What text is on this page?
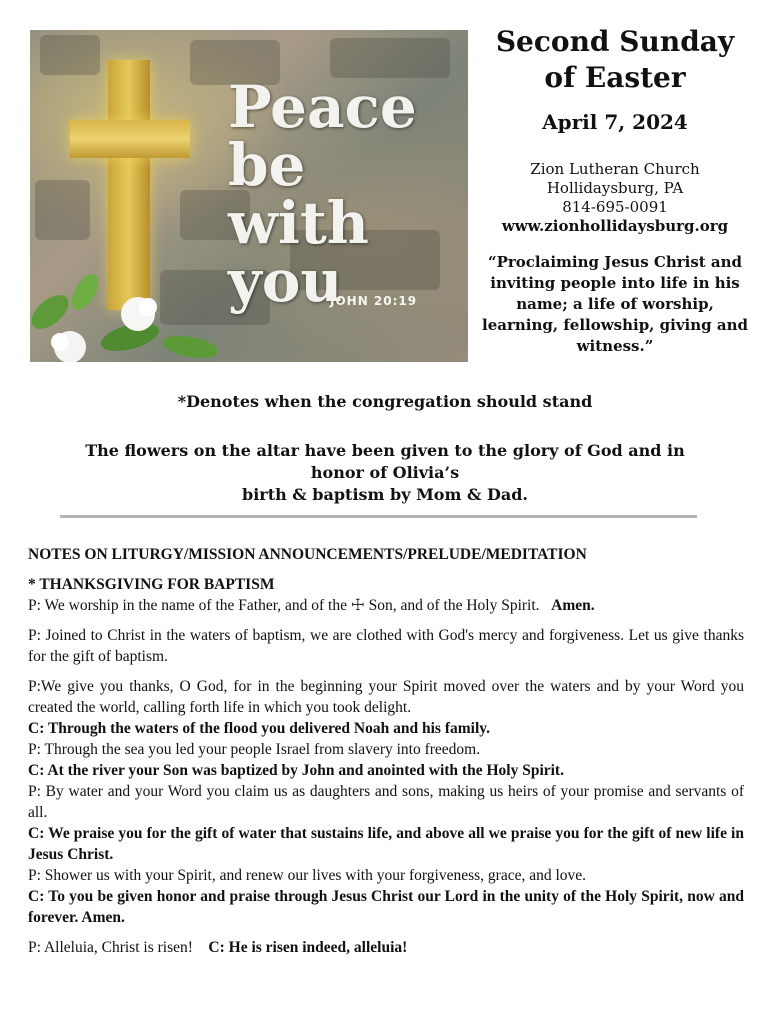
Peace
be
with
you
JOHN 20:19
Second Sunday
of Easter
April 7, 2024
Zion Lutheran Church
Hollidaysburg, PA
814-695-0091
www.zionhollidaysburg.org
“Proclaiming Jesus Christ and inviting people into life in his name; a life of worship, learning, fellowship, giving and witness.”
*Denotes when the congregation should stand
The flowers on the altar have been given to the glory of God and in honor of Olivia’s
birth & baptism by Mom & Dad.

NOTES ON LITURGY/MISSION ANNOUNCEMENTS/PRELUDE/MEDITATION

* THANKSGIVING FOR BAPTISM

P: We worship in the name of the Father, and of the ☩ Son, and of the Holy Spirit. Amen.

P: Joined to Christ in the waters of baptism, we are clothed with God's mercy and forgiveness. Let us give thanks for the gift of baptism.

P:We give you thanks, O God, for in the beginning your Spirit moved over the waters and by your Word you created the world, calling forth life in which you took delight.

C: Through the waters of the flood you delivered Noah and his family.

P: Through the sea you led your people Israel from slavery into freedom.

C: At the river your Son was baptized by John and anointed with the Holy Spirit.

P: By water and your Word you claim us as daughters and sons, making us heirs of your promise and servants of all.

C: We praise you for the gift of water that sustains life, and above all we praise you for the gift of new life in Jesus Christ.

P: Shower us with your Spirit, and renew our lives with your forgiveness, grace, and love.

C: To you be given honor and praise through Jesus Christ our Lord in the unity of the Holy Spirit, now and forever. Amen.

P: Alleluia, Christ is risen! C: He is risen indeed, alleluia!
